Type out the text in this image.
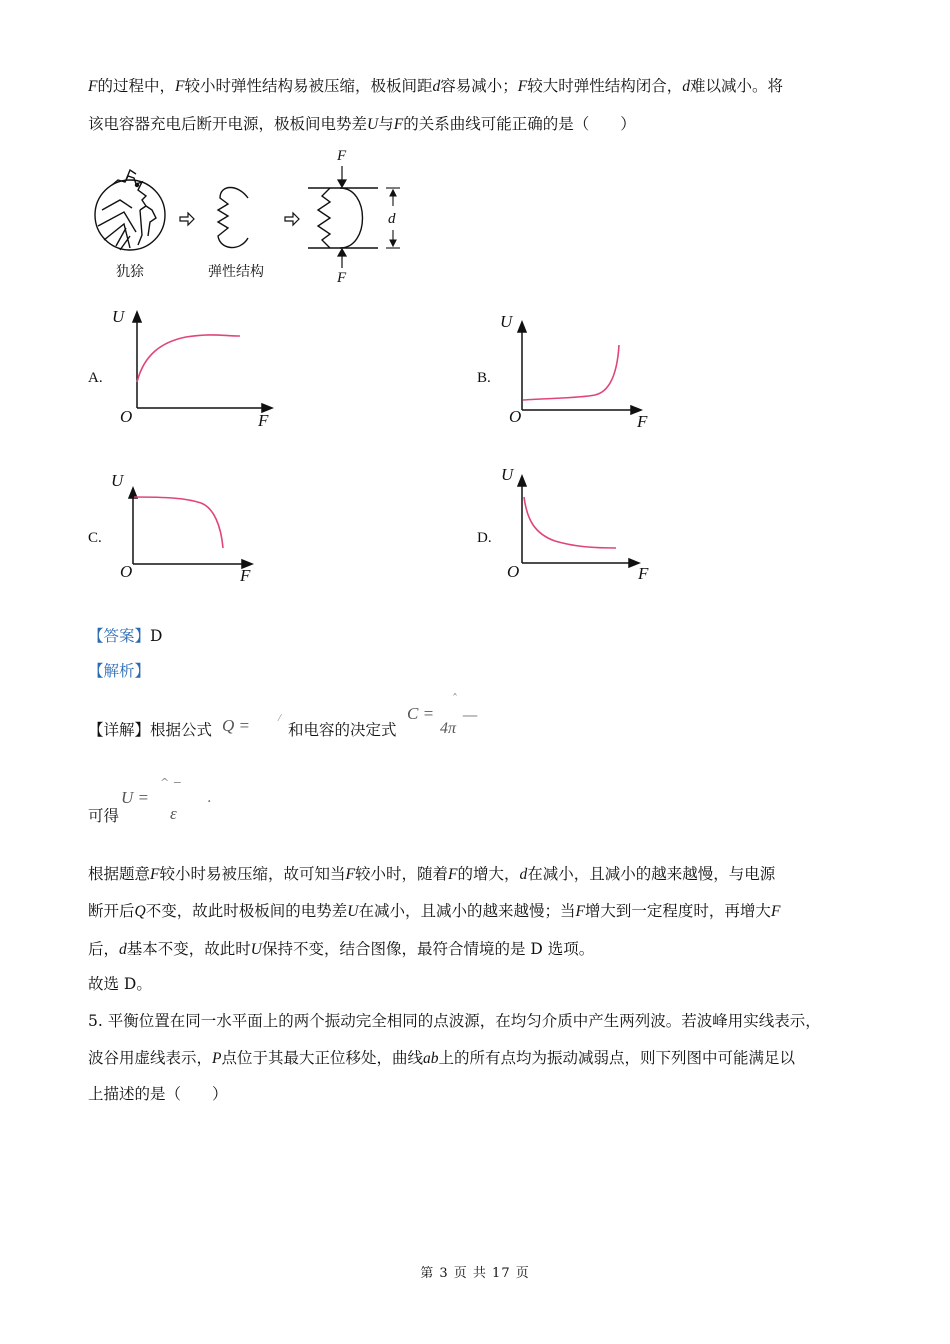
F的过程中，F较小时弹性结构易被压缩，极板间距d容易减小；F较大时弹性结构闭合，d难以减小。将
该电容器充电后断开电源，极板间电势差U与F的关系曲线可能正确的是（　　）
犰狳	弹性结构
F
F
d
A.
U
F
O
B.
U
F
O
C.
U
F
O
D.
U
F
O
【答案】D
【解析】
【详解】根据公式 Q =	/
和电容的决定式
C =
ˆ
4π
—
可得
U =
^ −
ε
.
根据题意F较小时易被压缩，故可知当F较小时，随着F的增大，d在减小，且减小的越来越慢，与电源
断开后Q不变，故此时极板间的电势差U在减小，且减小的越来越慢；当F增大到一定程度时，再增大F
后，d基本不变，故此时U保持不变，结合图像，最符合情境的是 D 选项。
故选 D。
5. 平衡位置在同一水平面上的两个振动完全相同的点波源，在均匀介质中产生两列波。若波峰用实线表示，
波谷用虚线表示，P点位于其最大正位移处，曲线ab上的所有点均为振动减弱点，则下列图中可能满足以
上描述的是（　　）
第 3 页 共 17 页
